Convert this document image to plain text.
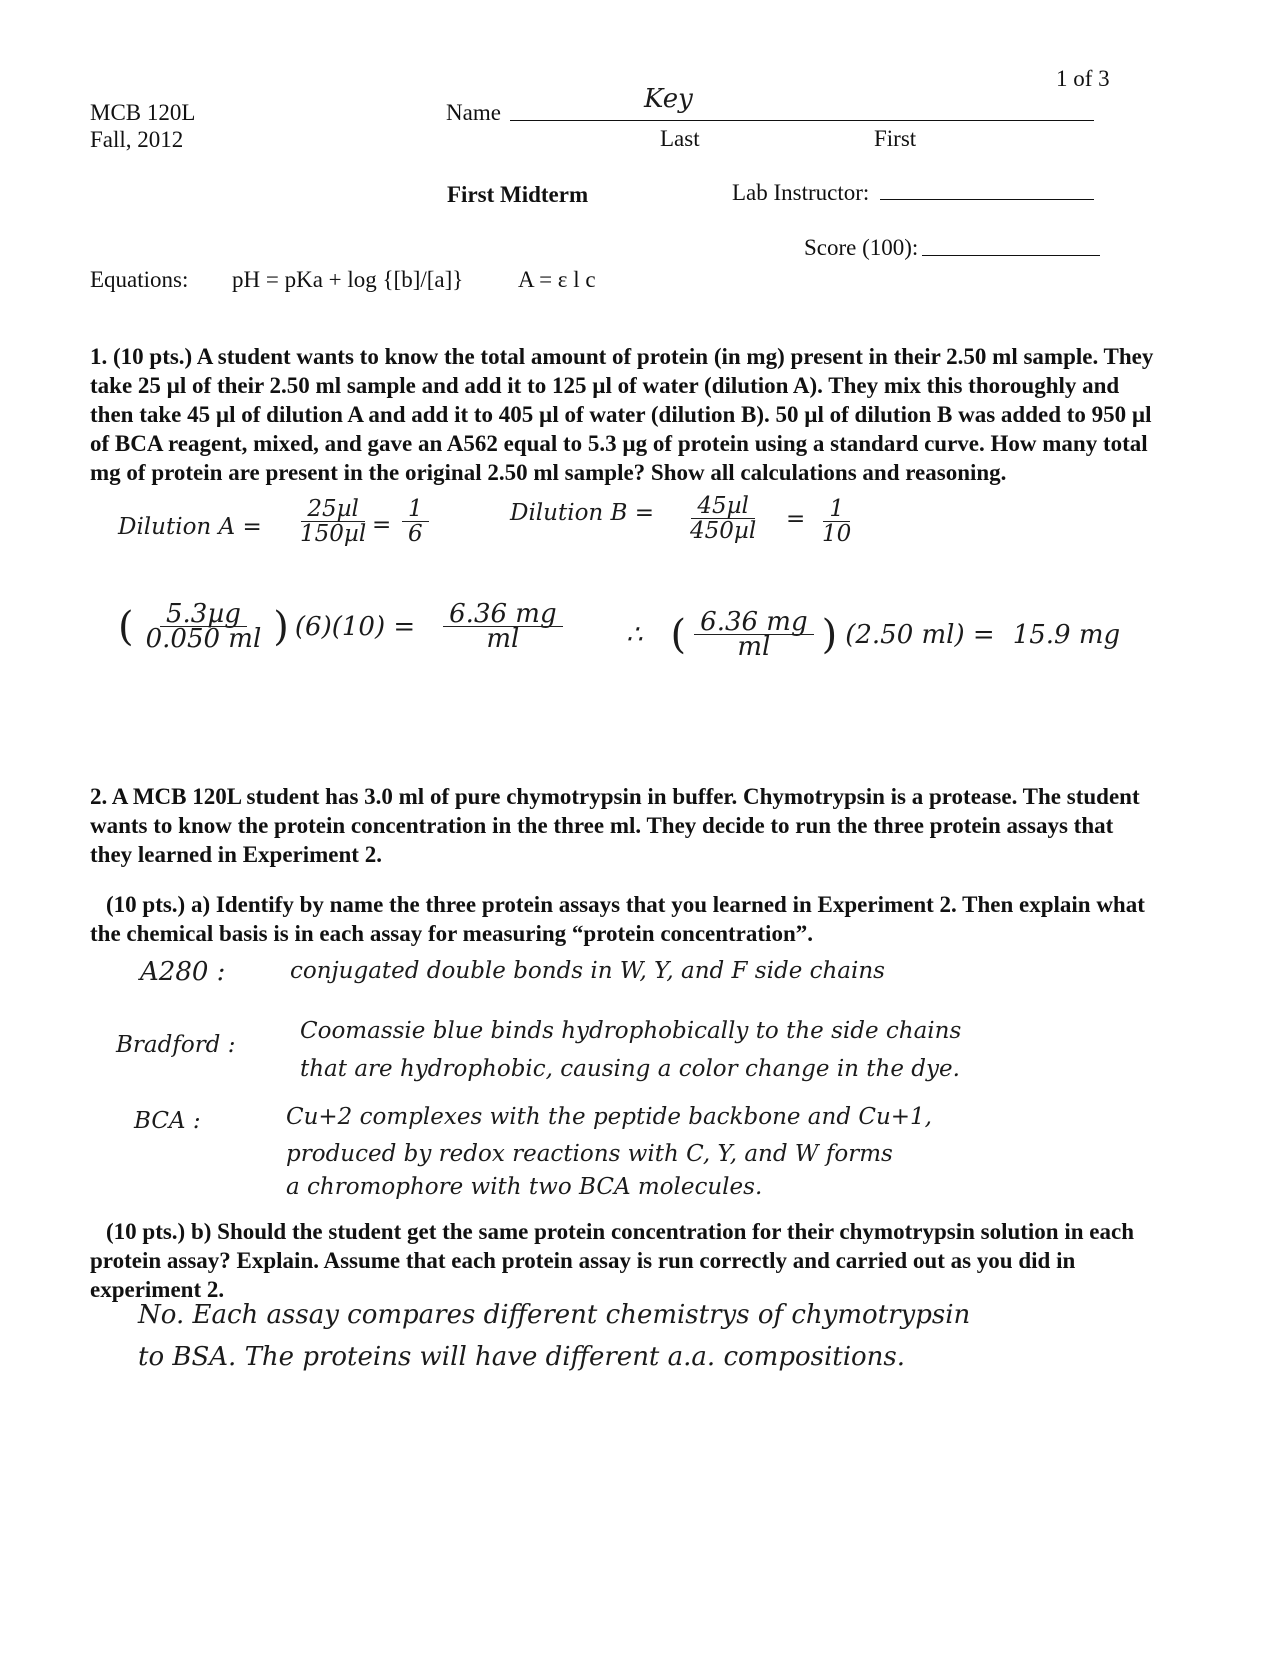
1 of 3
MCB 120L
Fall, 2012
Name	Key
Last	First
First Midterm	Lab Instructor:
Score (100):
Equations: pH = pKa + log {[b]/[a]} A = ε l c
1. (10 pts.) A student wants to know the total amount of protein (in mg) present in their 2.50 ml sample. They take 25 µl of their 2.50 ml sample and add it to 125 µl of water (dilution A). They mix this thoroughly and then take 45 µl of dilution A and add it to 405 µl of water (dilution B). 50 µl of dilution B was added to 950 µl of BCA reagent, mixed, and gave an A562 equal to 5.3 µg of protein using a standard curve. How many total mg of protein are present in the original 2.50 ml sample? Show all calculations and reasoning.
Dilution $A = \frac{\text{25µl}}{\text{150µl}} = \frac{1}{6}$	Dilution $B = \frac{\text{45µl}}{\text{450µl}} = \frac{1}{10}$
( $\frac{\text{5.3µg}}{0.050 ml}$ ) $(6)(10) = \frac{6.36 mg}{ml}$ ∴ ( $\frac{6.36 mg}{ml}$ ) (2.50 ml) = 15.9 mg
2. A MCB 120L student has 3.0 ml of pure chymotrypsin in buffer. Chymotrypsin is a protease. The student wants to know the protein concentration in the three ml. They decide to run the three protein assays that they learned in Experiment 2.
(10 pts.) a) Identify by name the three protein assays that you learned in Experiment 2. Then explain what the chemical basis is in each assay for measuring “protein concentration”.
A280 :	conjugated double bonds in W, Y, and F side chains
Bradford :
Coomassie blue binds hydrophobically to the side chains
that are hydrophobic, causing a color change in the dye.
BCA :	Cu+2 complexes with the peptide backbone and Cu+1,
produced by redox reactions with C, Y, and W forms
a chromophore with two BCA molecules.
(10 pts.) b) Should the student get the same protein concentration for their chymotrypsin solution in each protein assay? Explain. Assume that each protein assay is run correctly and carried out as you did in experiment 2.
No. Each assay compares different chemistrys of chymotrypsin
to BSA. The proteins will have different a.a. compositions.
